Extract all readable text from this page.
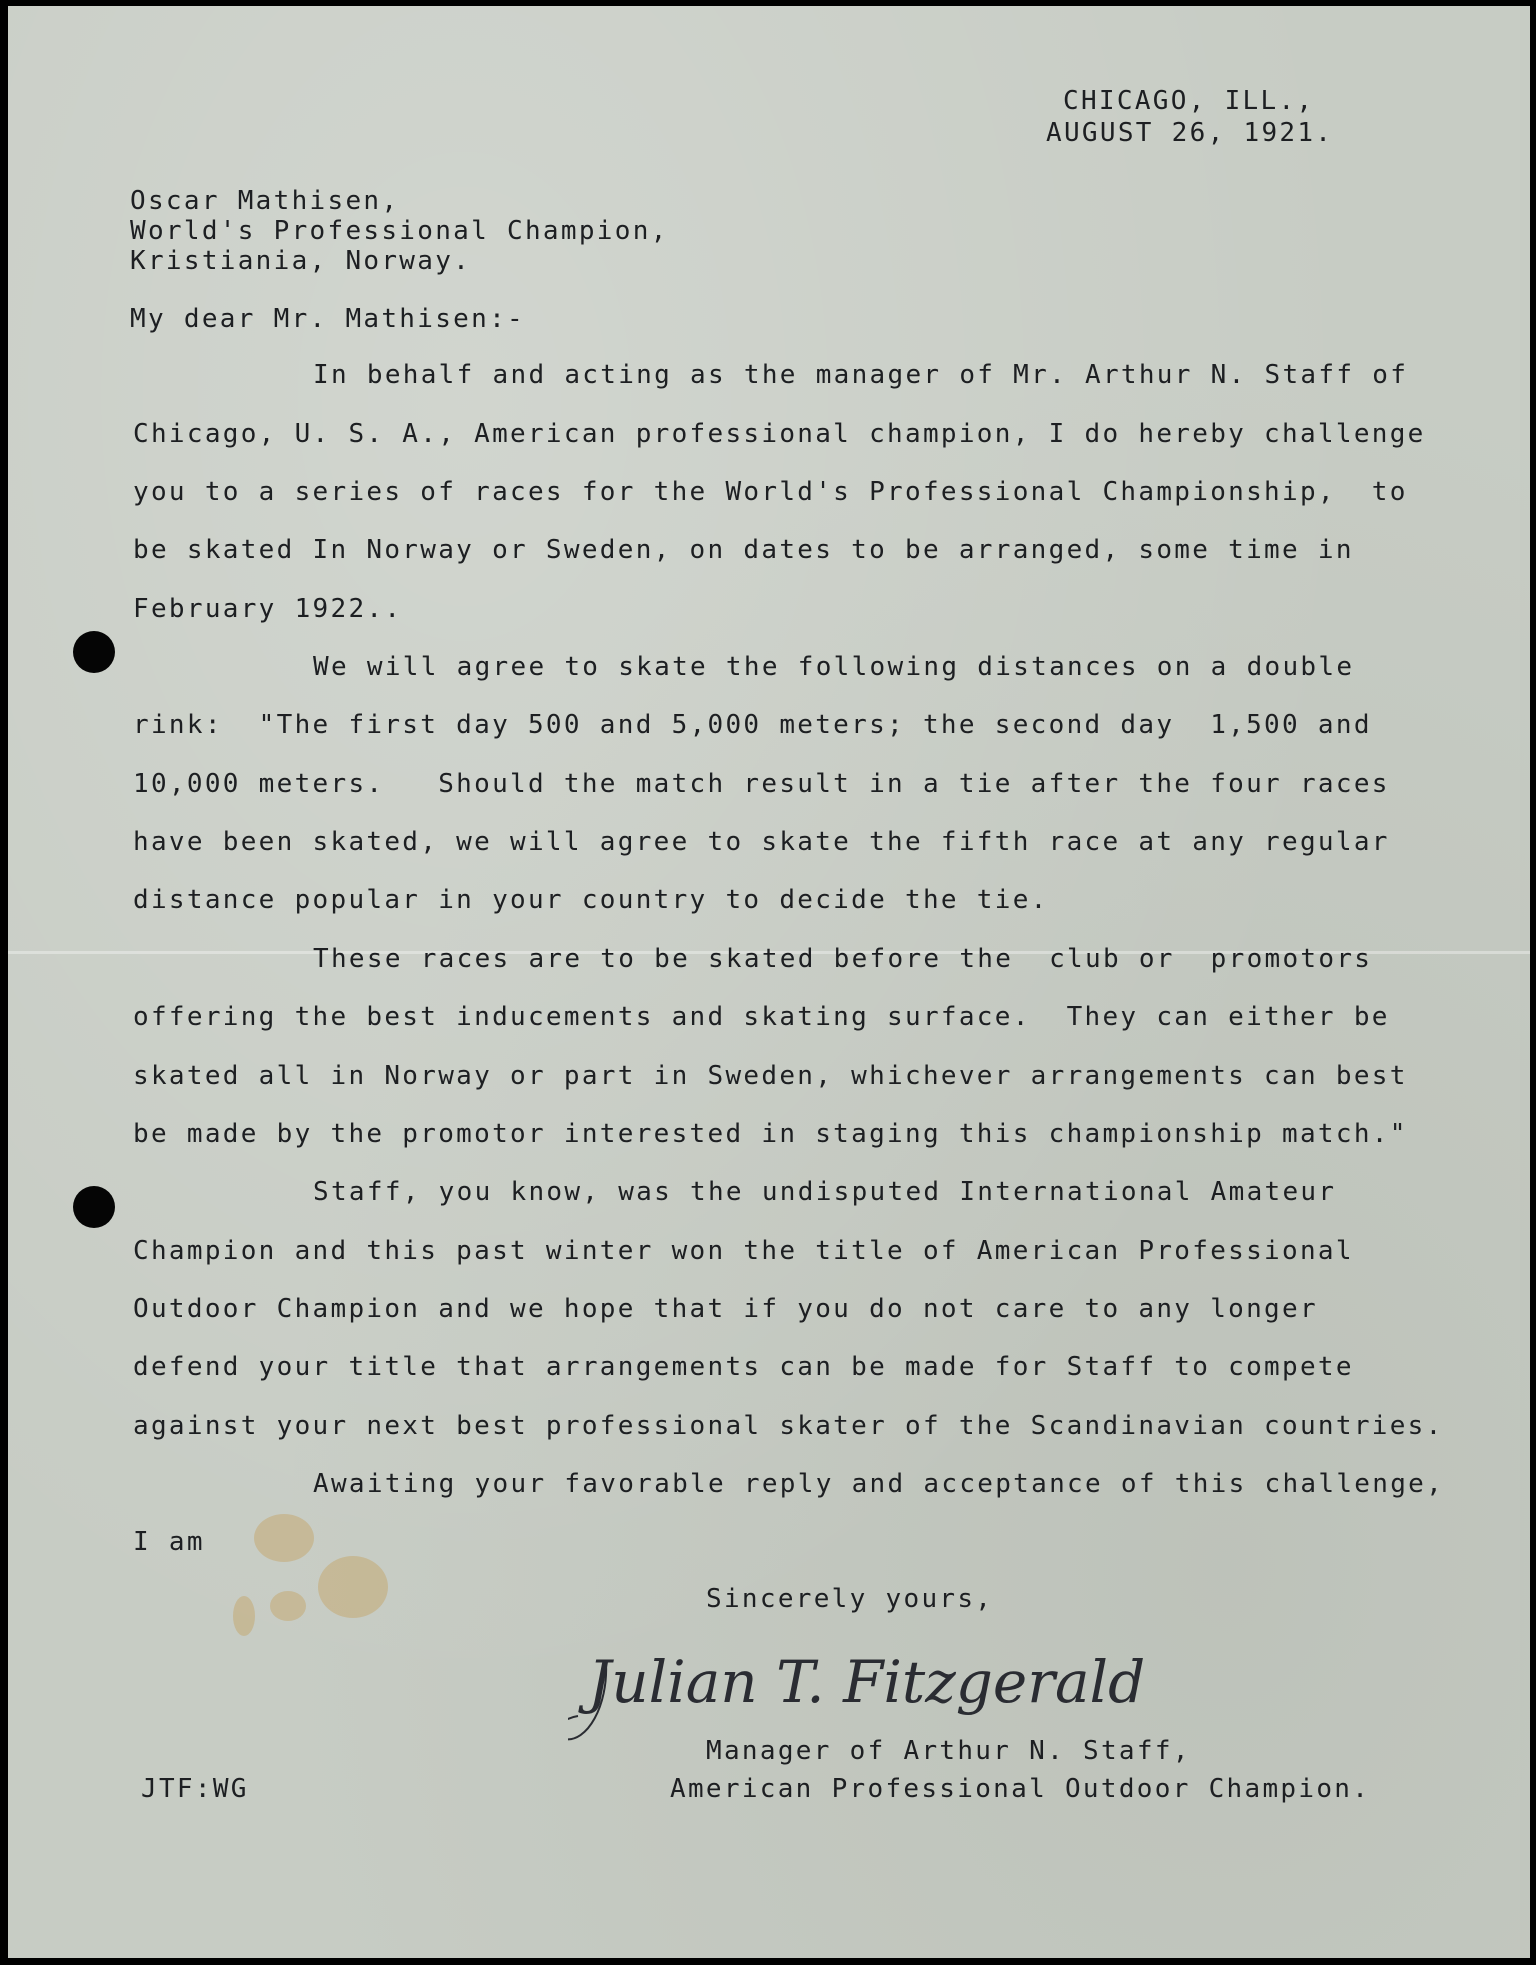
CHICAGO, ILL.,
AUGUST 26, 1921.
Oscar Mathisen,
World's Professional Champion,
Kristiania, Norway.
My dear Mr. Mathisen:-
In behalf and acting as the manager of Mr. Arthur N. Staff of
Chicago, U. S. A., American professional champion, I do hereby challenge
you to a series of races for the World's Professional Championship,  to
be skated In Norway or Sweden, on dates to be arranged, some time in
February 1922..
We will agree to skate the following distances on a double
rink:  "The first day 500 and 5,000 meters; the second day  1,500 and
10,000 meters.   Should the match result in a tie after the four races
have been skated, we will agree to skate the fifth race at any regular
distance popular in your country to decide the tie.
These races are to be skated before the  club or  promotors
offering the best inducements and skating surface.  They can either be
skated all in Norway or part in Sweden, whichever arrangements can best
be made by the promotor interested in staging this championship match."
Staff, you know, was the undisputed International Amateur
Champion and this past winter won the title of American Professional
Outdoor Champion and we hope that if you do not care to any longer
defend your title that arrangements can be made for Staff to compete
against your next best professional skater of the Scandinavian countries.
Awaiting your favorable reply and acceptance of this challenge,
I am
Sincerely yours,
Julian T. Fitzgerald
Manager of Arthur N. Staff,
American Professional Outdoor Champion.
JTF:WG
